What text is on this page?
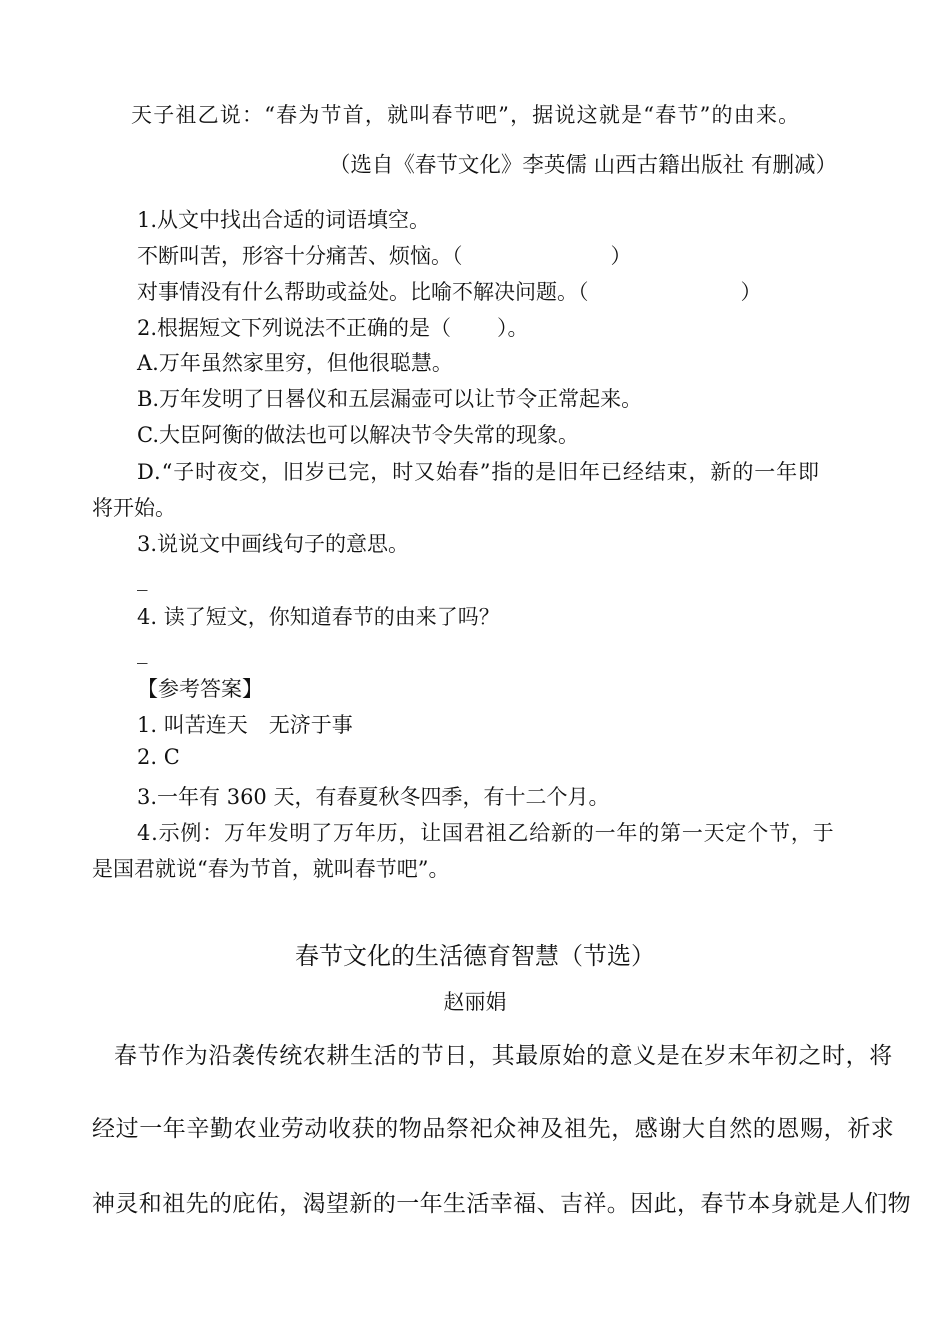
天子祖乙说：“春为节首，就叫春节吧”，据说这就是“春节”的由来。
（选自《春节文化》李英儒 山西古籍出版社 有删减）
1.从文中找出合适的词语填空。
不断叫苦，形容十分痛苦、烦恼。（	）
对事情没有什么帮助或益处。比喻不解决问题。（	）
2.根据短文下列说法不正确的是（ ）。
A.万年虽然家里穷，但他很聪慧。
B.万年发明了日晷仪和五层漏壶可以让节令正常起来。
C.大臣阿衡的做法也可以解决节令失常的现象。
D.“子时夜交，旧岁已完，时又始春”指的是旧年已经结束，新的一年即
将开始。
3.说说文中画线句子的意思。
_
4. 读了短文，你知道春节的由来了吗？
_
【参考答案】
1. 叫苦连天　无济于事
2. C
3.一年有 360 天，有春夏秋冬四季，有十二个月。
4.示例：万年发明了万年历，让国君祖乙给新的一年的第一天定个节，于
是国君就说“春为节首，就叫春节吧”。
春节文化的生活德育智慧（节选）
赵丽娟
春节作为沿袭传统农耕生活的节日，其最原始的意义是在岁末年初之时，将
经过一年辛勤农业劳动收获的物品祭祀众神及祖先，感谢大自然的恩赐，祈求
神灵和祖先的庇佑，渴望新的一年生活幸福、吉祥。因此，春节本身就是人们物
